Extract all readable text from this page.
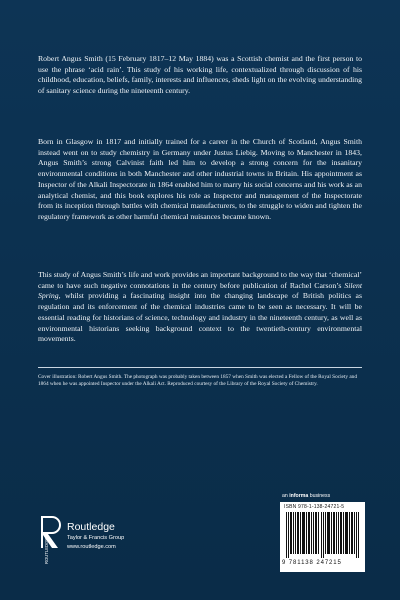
Robert Angus Smith (15 February 1817–12 May 1884) was a Scottish chemist and the first person to use the phrase ‘acid rain’. This study of his working life, contextualized through discussion of his childhood, education, beliefs, family, interests and influences, sheds light on the evolving understanding of sanitary science during the nineteenth century.

Born in Glasgow in 1817 and initially trained for a career in the Church of Scotland, Angus Smith instead went on to study chemistry in Germany under Justus Liebig. Moving to Manchester in 1843, Angus Smith’s strong Calvinist faith led him to develop a strong concern for the insanitary environmental conditions in both Manchester and other industrial towns in Britain. His appointment as Inspector of the Alkali Inspectorate in 1864 enabled him to marry his social concerns and his work as an analytical chemist, and this book explores his role as Inspector and management of the Inspectorate from its inception through battles with chemical manufacturers, to the struggle to widen and tighten the regulatory framework as other harmful chemical nuisances became known.

This study of Angus Smith’s life and work provides an important background to the way that ‘chemical’ came to have such negative connotations in the century before publication of Rachel Carson’s Silent Spring, whilst providing a fascinating insight into the changing landscape of British politics as regulation and its enforcement of the chemical industries came to be seen as necessary. It will be essential reading for historians of science, technology and industry in the nineteenth century, as well as environmental historians seeking background context to the twentieth-century environmental movements.

Cover illustration: Robert Angus Smith. The photograph was probably taken between 1857 when Smith was elected a Fellow of the Royal Society and 1864 when he was appointed Inspector under the Alkali Act. Reproduced courtesy of the Library of the Royal Society of Chemistry.

an informa business
ISBN 978-1-138-24721-5
9 781138 247215
ROUTLEDGE
Routledge
Taylor & Francis Group
www.routledge.com
